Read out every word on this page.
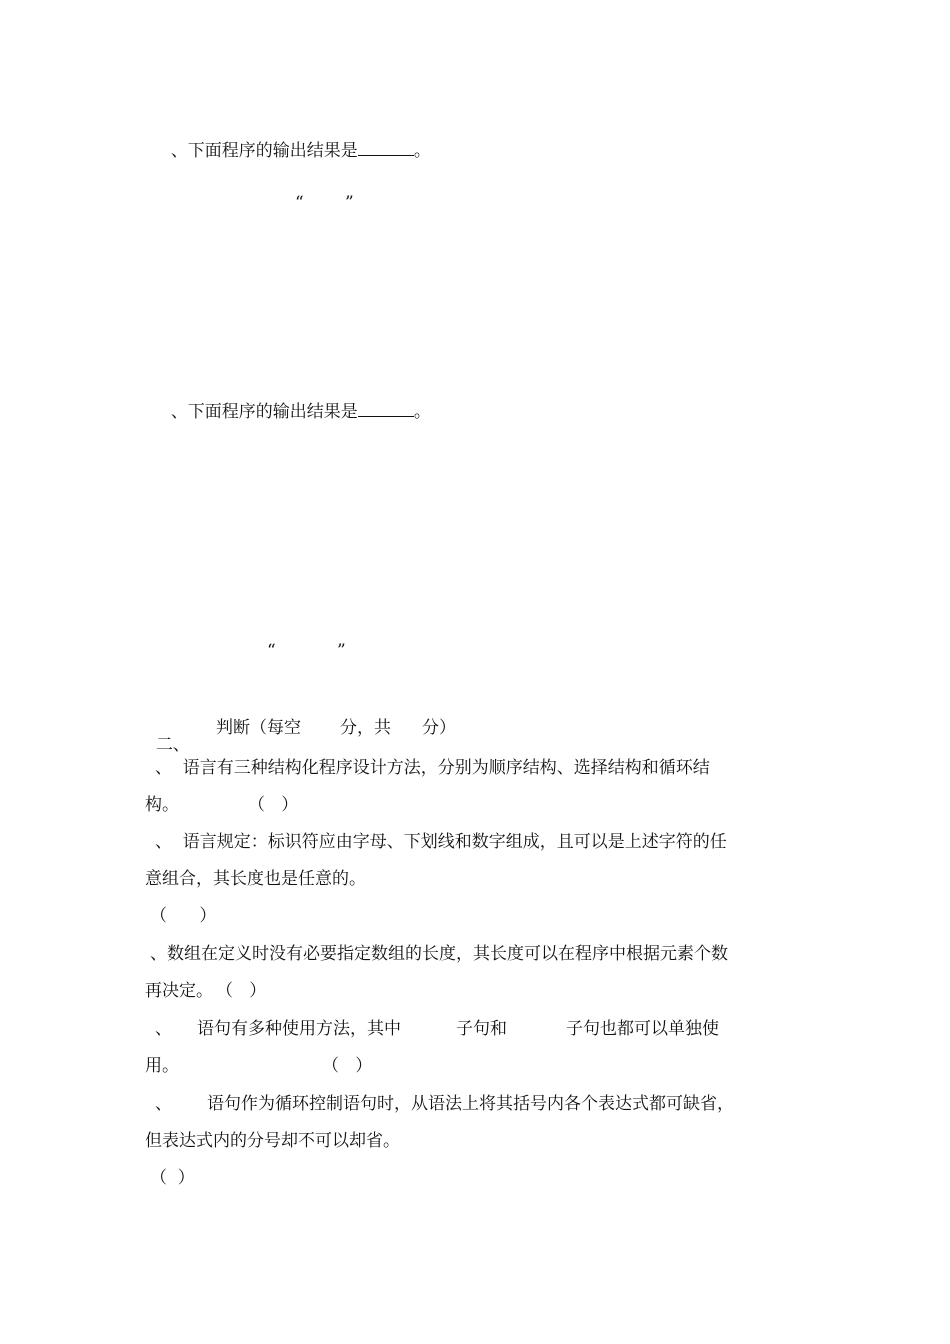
、下面程序的输出结果是	。

“ ”

、下面程序的输出结果是	。

“	”

二、

判断（每空 分，共 分）
、  语言有三种结构化程序设计方法，分别为顺序结构、选择结构和循环结
构。	（   ）
、  语言规定：标识符应由字母、下划线和数字组成，且可以是上述字符的任
意组合，其长度也是任意的。
（      ）
、数组在定义时没有必要指定数组的长度，其长度可以在程序中根据元素个数
再决定。 （   ）
、 语句有多种使用方法，其中	子句和	子句也都可以单独使
用。	（   ）
、 语句作为循环控制语句时，从语法上将其括号内各个表达式都可缺省，
但表达式内的分号却不可以却省。
（  ）
